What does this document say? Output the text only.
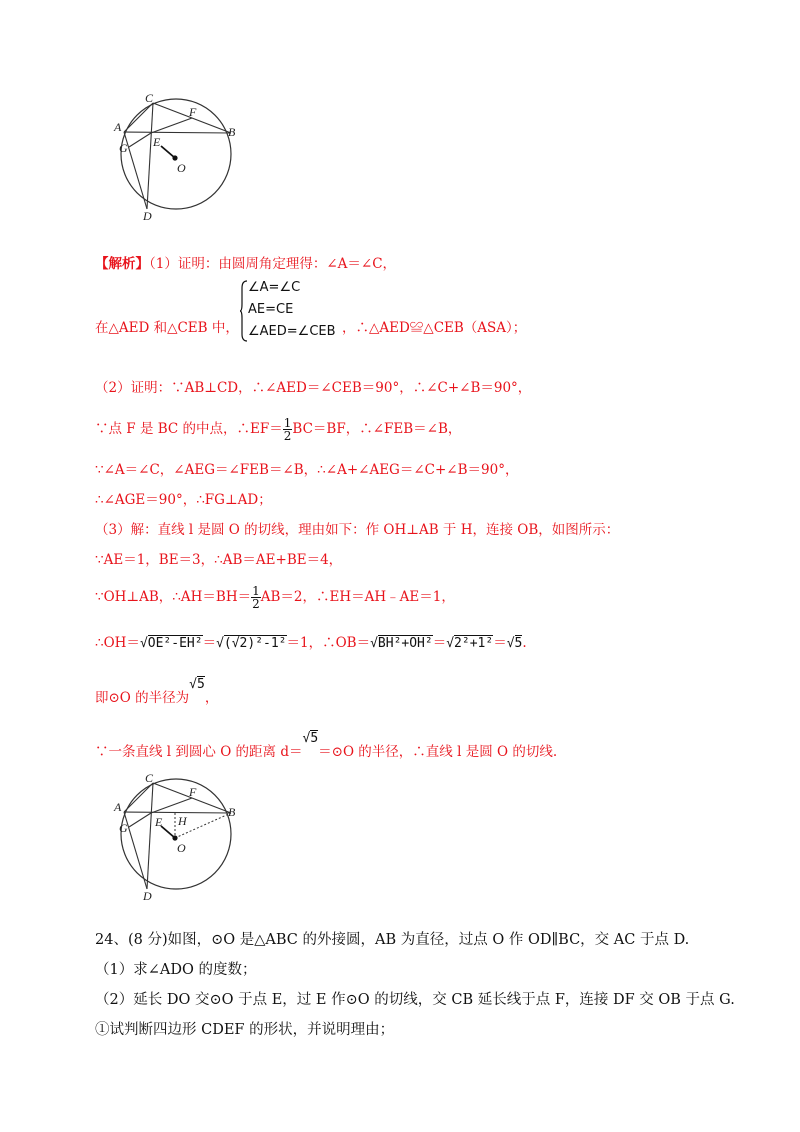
C
F
A	B
G E
O
D
【解析】（1）证明：由圆周角定理得：∠A＝∠C，
在△AED 和△CEB 中，
∠A=∠C
AE=CE
∠AED=∠CEB ，∴△AED≌△CEB（ASA）；
（2）证明：∵AB⊥CD，∴∠AED＝∠CEB＝90°，∴∠C+∠B＝90°，
∵点 F 是 BC 的中点，∴EF＝ $\frac{1}{2} BC=BF$，∴∠FEB＝∠B，
∵∠A＝∠C，∠AEG＝∠FEB＝∠B，∴∠A+∠AEG＝∠C+∠B＝90°，
∴∠AGE＝90°，∴FG⊥AD；
（3）解：直线 l 是圆 O 的切线，理由如下：作 OH⊥AB 于 H，连接 OB，如图所示：
∵AE＝1，BE＝3，∴AB＝AE+BE＝4，
∵OH⊥AB，∴AH＝BH＝ $\frac{1}{2} AB=2$，∴EH＝AH﹣AE＝1，
∴OH＝√OE²-EH²＝√(√2)²-1²＝1，∴OB＝√BH²+OH²＝√2²+1²＝√5.
即⊙O 的半径为√5，
∵一条直线 l 到圆心 O 的距离 d＝√5＝⊙O 的半径，∴直线 l 是圆 O 的切线.
C
F
A	B
G E H
O
D
24、(8 分)如图，⊙O 是△ABC 的外接圆，AB 为直径，过点 O 作 OD∥BC，交 AC 于点 D.
（1）求∠ADO 的度数；
（2）延长 DO 交⊙O 于点 E，过 E 作⊙O 的切线，交 CB 延长线于点 F，连接 DF 交 OB 于点 G.
①试判断四边形 CDEF 的形状，并说明理由；
